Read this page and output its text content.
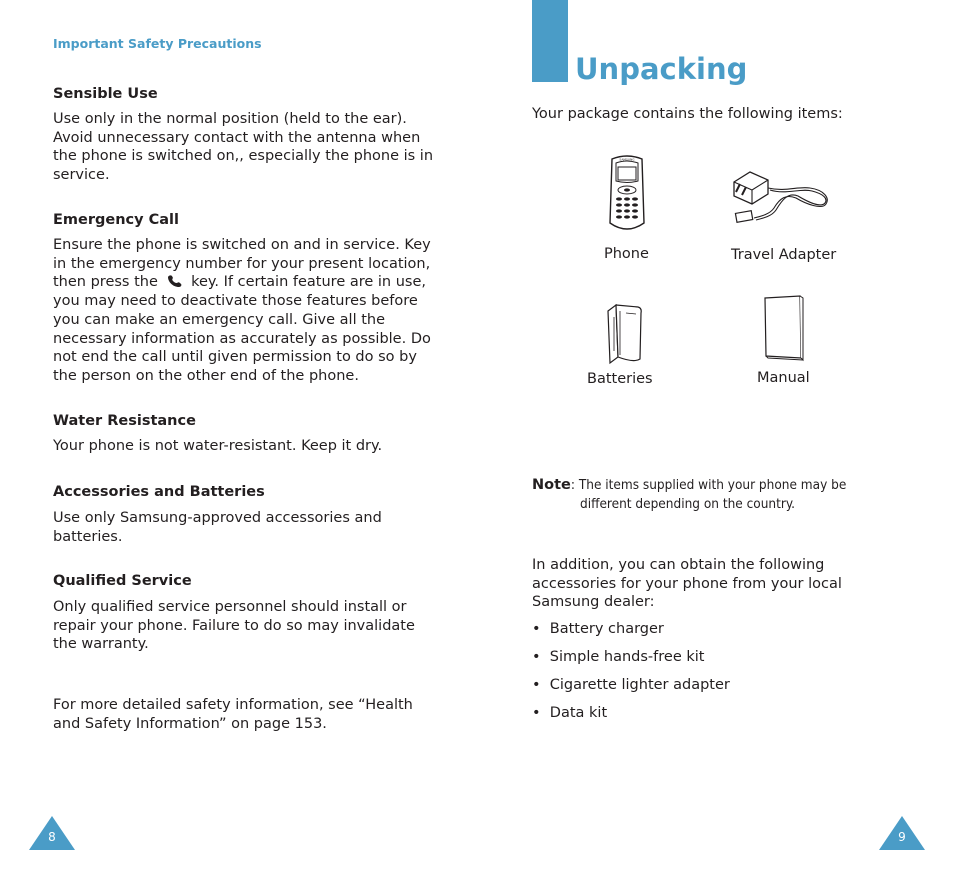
Important Safety Precautions
Sensible Use
Use only in the normal position (held to the ear).
Avoid unnecessary contact with the antenna when
the phone is switched on,, especially the phone is in
service.
Emergency Call
Ensure the phone is switched on and in service. Key
in the emergency number for your present location,
then press the key. If certain feature are in use,
you may need to deactivate those features before
you can make an emergency call. Give all the
necessary information as accurately as possible. Do
not end the call until given permission to do so by
the person on the other end of the phone.
Water Resistance
Your phone is not water-resistant. Keep it dry.
Accessories and Batteries
Use only Samsung-approved accessories and
batteries.
Qualified Service
Only qualified service personnel should install or
repair your phone. Failure to do so may invalidate
the warranty.
For more detailed safety information, see “Health
and Safety Information” on page 153.
8
Unpacking
Your package contains the following items:
SAMSUNG
Phone	Travel Adapter
Batteries	Manual
Note: The items supplied with your phone may be
different depending on the country.
In addition, you can obtain the following
accessories for your phone from your local
Samsung dealer:
•  Battery charger
•  Simple hands-free kit
•  Cigarette lighter adapter
•  Data kit
9
